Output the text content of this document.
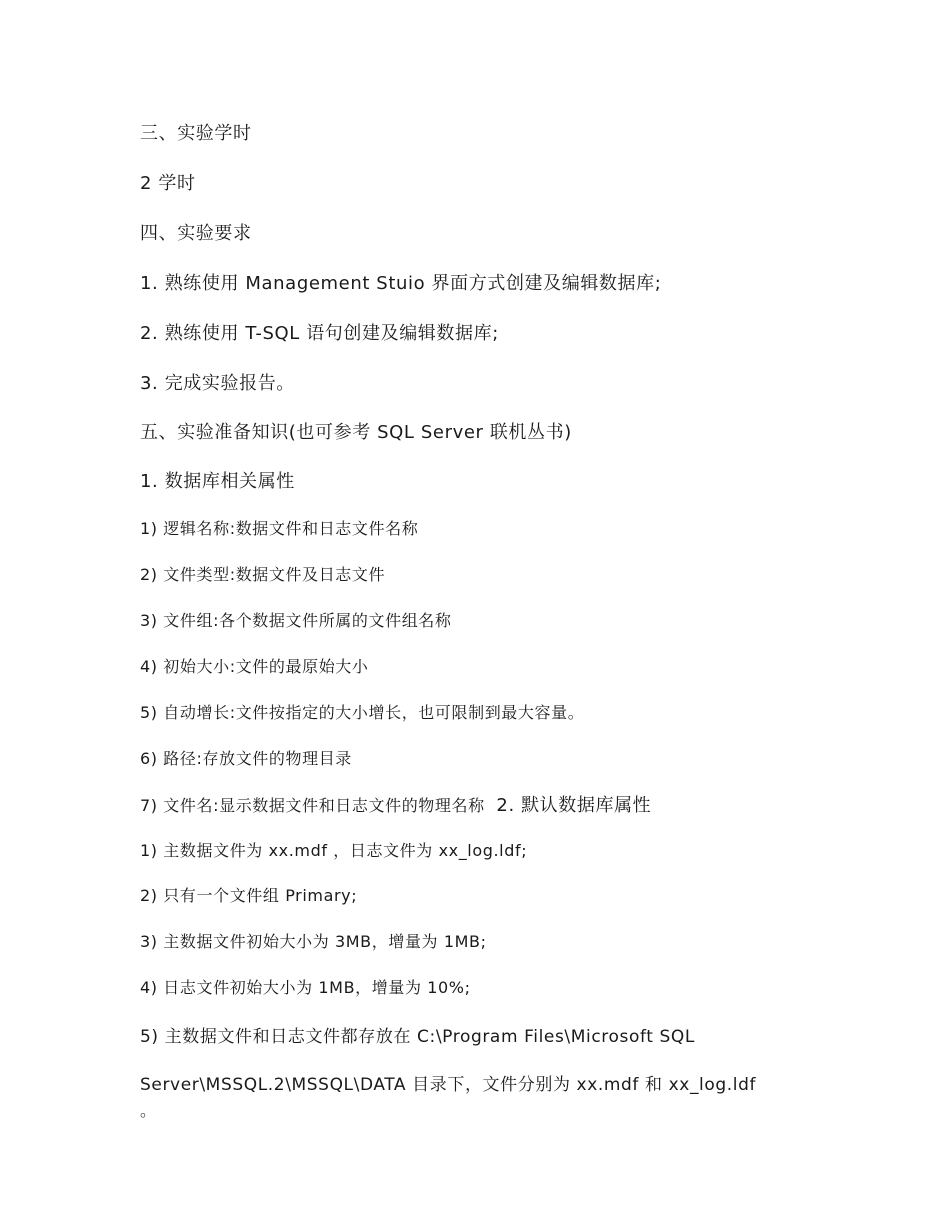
三、实验学时
2 学时
四、实验要求
1. 熟练使用 Management Stuio 界面方式创建及编辑数据库;
2. 熟练使用 T-SQL 语句创建及编辑数据库;
3. 完成实验报告。
五、实验准备知识(也可参考 SQL Server 联机丛书)
1. 数据库相关属性
1) 逻辑名称:数据文件和日志文件名称
2) 文件类型:数据文件及日志文件
3) 文件组:各个数据文件所属的文件组名称
4) 初始大小:文件的最原始大小
5) 自动增长:文件按指定的大小增长，也可限制到最大容量。
6) 路径:存放文件的物理目录
7) 文件名:显示数据文件和日志文件的物理名称 2. 默认数据库属性
1) 主数据文件为 xx.mdf ，日志文件为 xx_log.ldf;
2) 只有一个文件组 Primary;
3) 主数据文件初始大小为 3MB，增量为 1MB;
4) 日志文件初始大小为 1MB，增量为 10%;
5) 主数据文件和日志文件都存放在 C:\Program Files\Microsoft SQL
Server\MSSQL.2\MSSQL\DATA 目录下，文件分别为 xx.mdf 和 xx_log.ldf
。
